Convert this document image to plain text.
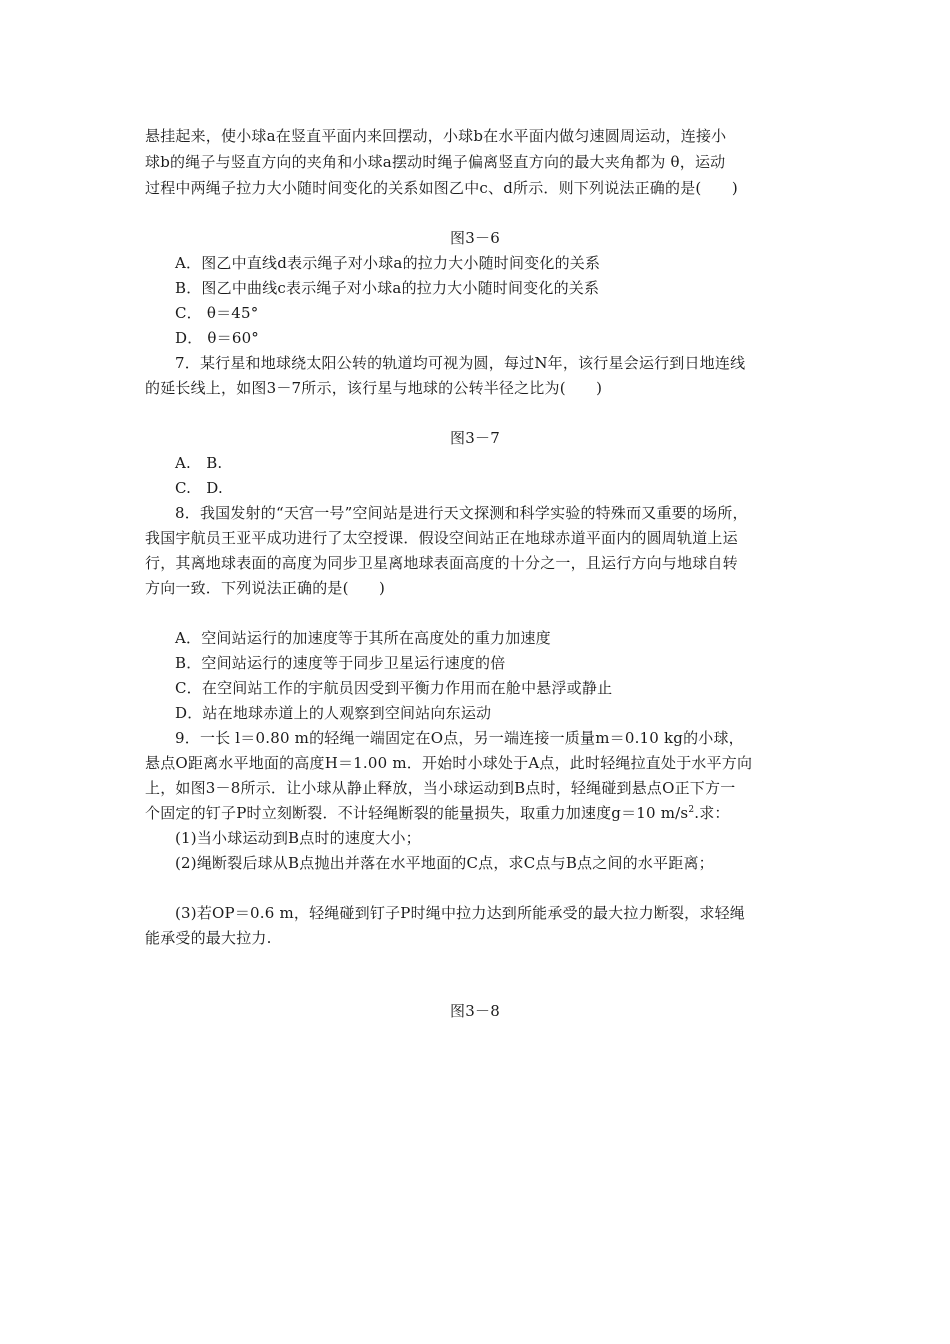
悬挂起来，使小球a在竖直平面内来回摆动，小球b在水平面内做匀速圆周运动，连接小
球b的绳子与竖直方向的夹角和小球a摆动时绳子偏离竖直方向的最大夹角都为 θ，运动
过程中两绳子拉力大小随时间变化的关系如图乙中c、d所示．则下列说法正确的是(　　)
图3－6
A．图乙中直线d表示绳子对小球a的拉力大小随时间变化的关系
B．图乙中曲线c表示绳子对小球a的拉力大小随时间变化的关系
C． θ＝45°
D． θ＝60°
7．某行星和地球绕太阳公转的轨道均可视为圆，每过N年，该行星会运行到日地连线
的延长线上，如图3－7所示，该行星与地球的公转半径之比为(　　)
图3－7
A.　B.
C.　D.
8．我国发射的“天宫一号”空间站是进行天文探测和科学实验的特殊而又重要的场所，
我国宇航员王亚平成功进行了太空授课．假设空间站正在地球赤道平面内的圆周轨道上运
行，其离地球表面的高度为同步卫星离地球表面高度的十分之一，且运行方向与地球自转
方向一致．下列说法正确的是(　　)
A．空间站运行的加速度等于其所在高度处的重力加速度
B．空间站运行的速度等于同步卫星运行速度的倍
C．在空间站工作的宇航员因受到平衡力作用而在舱中悬浮或静止
D．站在地球赤道上的人观察到空间站向东运动
9．一长 l＝0.80 m的轻绳一端固定在O点，另一端连接一质量m＝0.10 kg的小球，
悬点O距离水平地面的高度H＝1.00 m．开始时小球处于A点，此时轻绳拉直处于水平方向
上，如图3－8所示．让小球从静止释放，当小球运动到B点时，轻绳碰到悬点O正下方一
个固定的钉子P时立刻断裂．不计轻绳断裂的能量损失，取重力加速度g＝10 $m/s^2$.求：
(1)当小球运动到B点时的速度大小；
(2)绳断裂后球从B点抛出并落在水平地面的C点，求C点与B点之间的水平距离；
(3)若OP＝0.6 m，轻绳碰到钉子P时绳中拉力达到所能承受的最大拉力断裂，求轻绳
能承受的最大拉力.
图3－8
